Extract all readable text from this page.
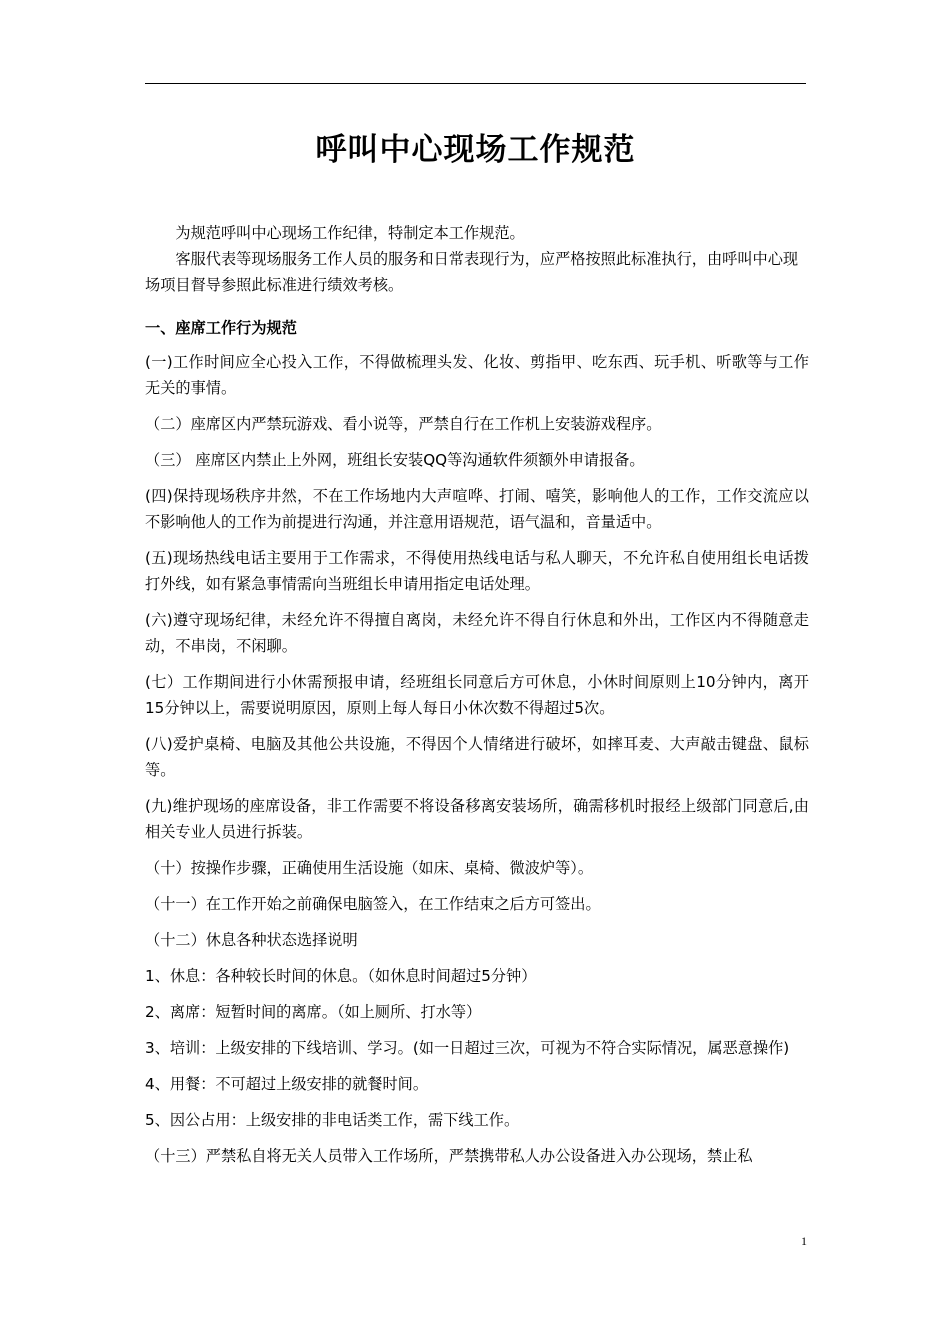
呼叫中心现场工作规范

为规范呼叫中心现场工作纪律，特制定本工作规范。

客服代表等现场服务工作人员的服务和日常表现行为，应严格按照此标准执行，由呼叫中心现场项目督导参照此标准进行绩效考核。

一、座席工作行为规范

(一)工作时间应全心投入工作，不得做梳理头发、化妆、剪指甲、吃东西、玩手机、听歌等与工作无关的事情。

（二）座席区内严禁玩游戏、看小说等，严禁自行在工作机上安装游戏程序。

（三） 座席区内禁止上外网，班组长安装QQ等沟通软件须额外申请报备。

(四)保持现场秩序井然，不在工作场地内大声喧哗、打闹、嘻笑，影响他人的工作，工作交流应以不影响他人的工作为前提进行沟通，并注意用语规范，语气温和，音量适中。

(五)现场热线电话主要用于工作需求，不得使用热线电话与私人聊天，不允许私自使用组长电话拨打外线，如有紧急事情需向当班组长申请用指定电话处理。

(六)遵守现场纪律，未经允许不得擅自离岗，未经允许不得自行休息和外出，工作区内不得随意走动，不串岗，不闲聊。

(七）工作期间进行小休需预报申请，经班组长同意后方可休息，小休时间原则上10分钟内，离开15分钟以上，需要说明原因，原则上每人每日小休次数不得超过5次。

(八)爱护桌椅、电脑及其他公共设施，不得因个人情绪进行破坏，如摔耳麦、大声敲击键盘、鼠标等。

(九)维护现场的座席设备，非工作需要不将设备移离安装场所，确需移机时报经上级部门同意后,由相关专业人员进行拆装。

（十）按操作步骤，正确使用生活设施（如床、桌椅、微波炉等）。

（十一）在工作开始之前确保电脑签入，在工作结束之后方可签出。

（十二）休息各种状态选择说明

1、休息：各种较长时间的休息。（如休息时间超过5分钟）

2、离席：短暂时间的离席。（如上厕所、打水等）

3、培训：上级安排的下线培训、学习。(如一日超过三次，可视为不符合实际情况，属恶意操作)

4、用餐：不可超过上级安排的就餐时间。

5、因公占用：上级安排的非电话类工作，需下线工作。

（十三）严禁私自将无关人员带入工作场所，严禁携带私人办公设备进入办公现场，禁止私

1
